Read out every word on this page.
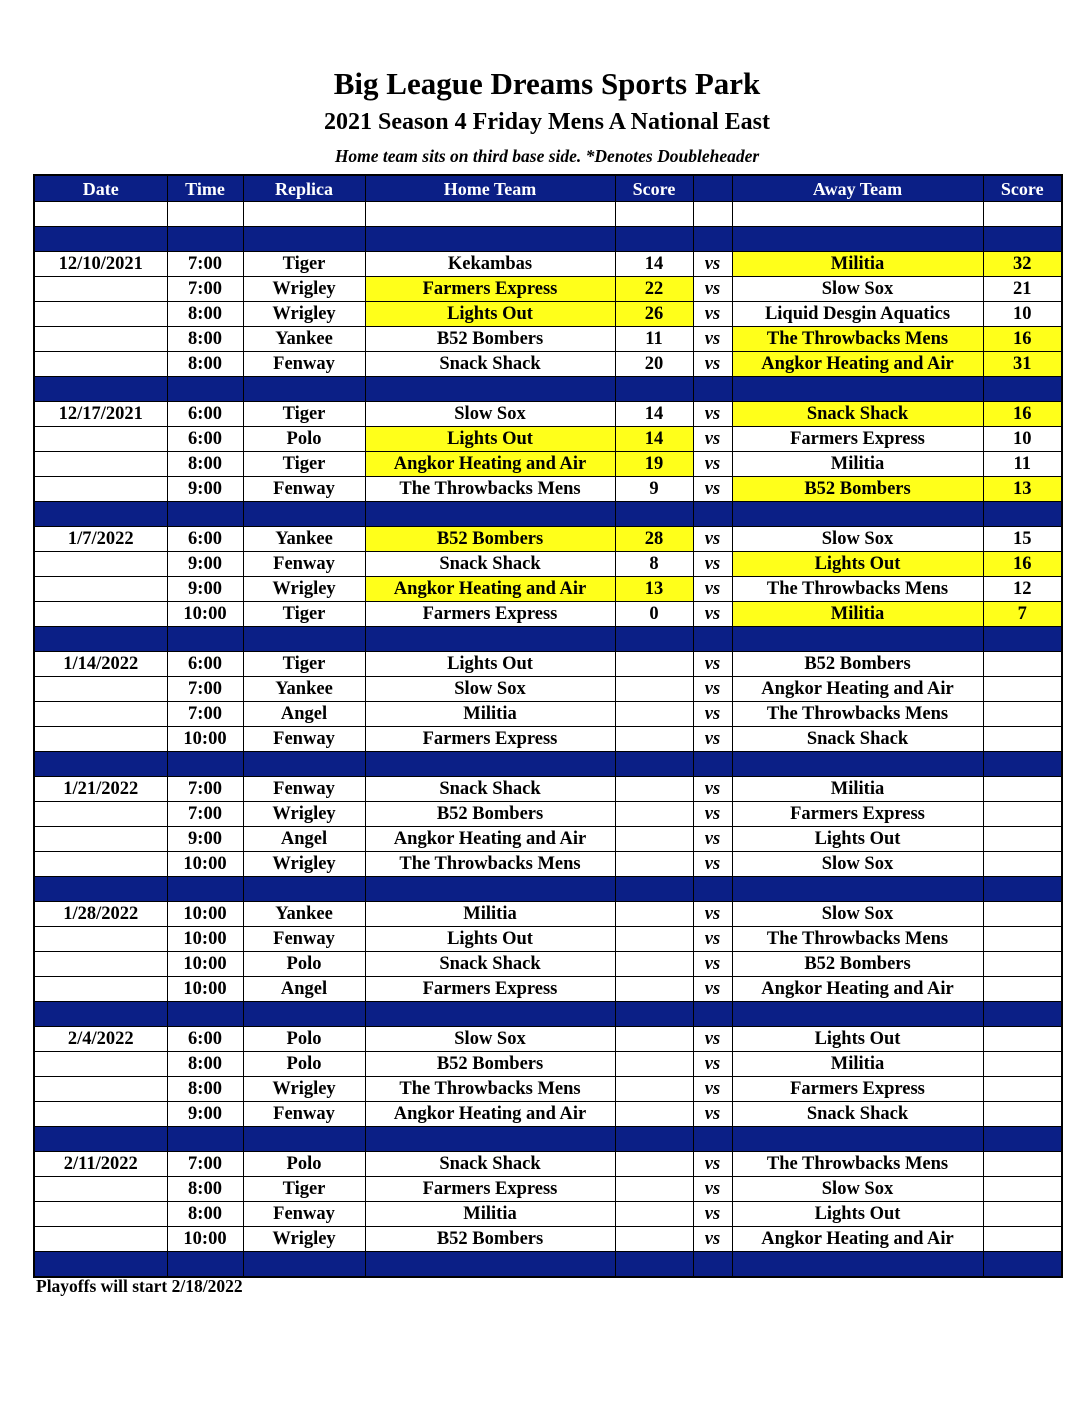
Big League Dreams Sports Park
2021 Season 4 Friday Mens A National East
Home team sits on third base side. *Denotes Doubleheader
Date	Time	Replica	Home Team	Score		Away Team	Score

12/10/2021	7:00	Tiger	Kekambas	14	vs	Militia	32
	7:00	Wrigley	Farmers Express	22	vs	Slow Sox	21
	8:00	Wrigley	Lights Out	26	vs	Liquid Desgin Aquatics	10
	8:00	Yankee	B52 Bombers	11	vs	The Throwbacks Mens	16
	8:00	Fenway	Snack Shack	20	vs	Angkor Heating and Air	31

12/17/2021	6:00	Tiger	Slow Sox	14	vs	Snack Shack	16
	6:00	Polo	Lights Out	14	vs	Farmers Express	10
	8:00	Tiger	Angkor Heating and Air	19	vs	Militia	11
	9:00	Fenway	The Throwbacks Mens	9	vs	B52 Bombers	13

1/7/2022	6:00	Yankee	B52 Bombers	28	vs	Slow Sox	15
	9:00	Fenway	Snack Shack	8	vs	Lights Out	16
	9:00	Wrigley	Angkor Heating and Air	13	vs	The Throwbacks Mens	12
	10:00	Tiger	Farmers Express	0	vs	Militia	7

1/14/2022	6:00	Tiger	Lights Out		vs	B52 Bombers	
	7:00	Yankee	Slow Sox		vs	Angkor Heating and Air	
	7:00	Angel	Militia		vs	The Throwbacks Mens	
	10:00	Fenway	Farmers Express		vs	Snack Shack	

1/21/2022	7:00	Fenway	Snack Shack		vs	Militia	
	7:00	Wrigley	B52 Bombers		vs	Farmers Express	
	9:00	Angel	Angkor Heating and Air		vs	Lights Out	
	10:00	Wrigley	The Throwbacks Mens		vs	Slow Sox	

1/28/2022	10:00	Yankee	Militia		vs	Slow Sox	
	10:00	Fenway	Lights Out		vs	The Throwbacks Mens	
	10:00	Polo	Snack Shack		vs	B52 Bombers	
	10:00	Angel	Farmers Express		vs	Angkor Heating and Air	

2/4/2022	6:00	Polo	Slow Sox		vs	Lights Out	
	8:00	Polo	B52 Bombers		vs	Militia	
	8:00	Wrigley	The Throwbacks Mens		vs	Farmers Express	
	9:00	Fenway	Angkor Heating and Air		vs	Snack Shack	

2/11/2022	7:00	Polo	Snack Shack		vs	The Throwbacks Mens	
	8:00	Tiger	Farmers Express		vs	Slow Sox	
	8:00	Fenway	Militia		vs	Lights Out	
	10:00	Wrigley	B52 Bombers		vs	Angkor Heating and Air	

Playoffs will start 2/18/2022
